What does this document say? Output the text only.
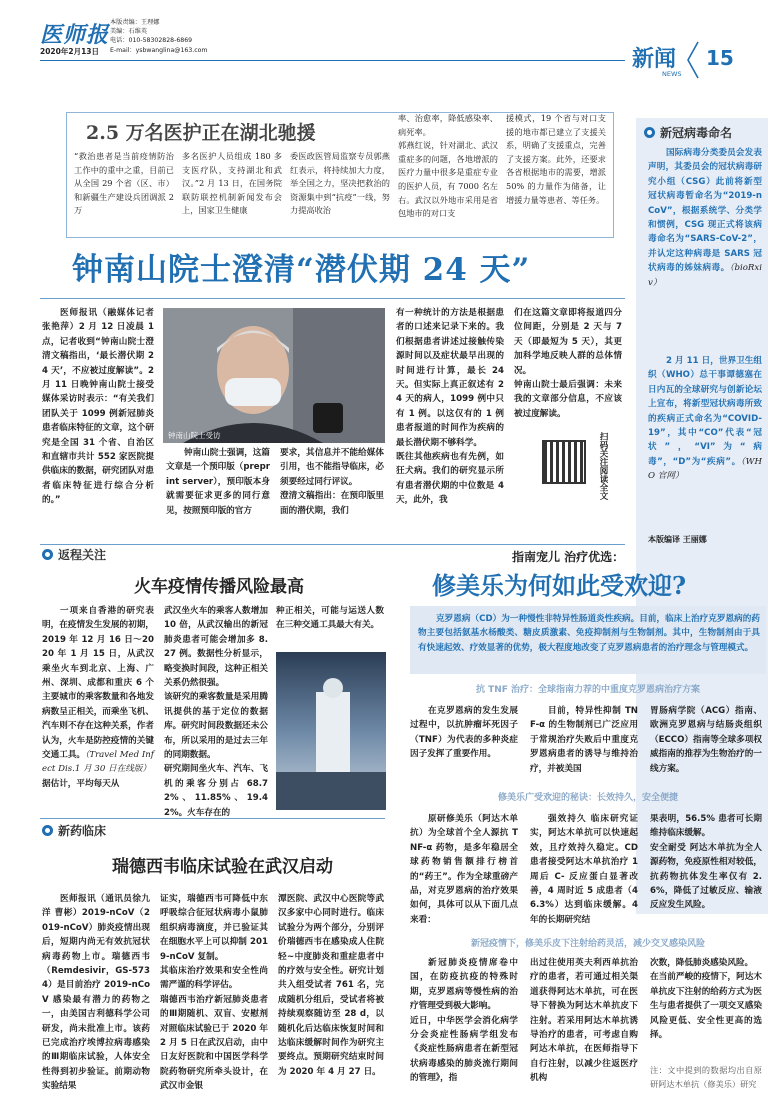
医师报
2020年2月13日
本版责编：王理娜
美编：石维英
电话：010-58302828-6869
E-mail：ysbwanglina@163.com	新闻
NEWS
15
2.5 万名医护正在湖北驰援
“救治患者是当前疫情防治工作中的重中之重，目前已从全国 29 个省（区、市）和新疆生产建设兵团调派 2 万
多名医护人员组成 180 多支医疗队，支持湖北和武汉。”2 月 13 日，在国务院联防联控机制新闻发布会上，国家卫生健康
委医政医管局监察专员郭燕红表示，将持续加大力度，举全国之力，坚决把救治的资源集中到“抗疫”一线，努力提高收治
率、治愈率，降低感染率、病死率。
郭燕红说，针对湖北、武汉重症多的问题，各地增派的医疗力量中很多是重症专业的医护人员，有 7000 名左右。武汉以外地市采用是省包地市的对口支
援模式，19 个省与对口支援的地市都已建立了支援关系，明确了支援重点，完善了支援方案。此外，还要求各省根据地市的需要，增派 50% 的力量作为储备，让增援力量等患者、等任务。
新冠病毒命名
国际病毒分类委员会发表声明，其委员会的冠状病毒研究小组（CSG）此前将新型冠状病毒暂命名为“2019-nCoV”，根据系统学、分类学和惯例，CSG 现正式将该病毒命名为“SARS-CoV-2”，并认定这种病毒是 SARS 冠状病毒的姊妹病毒。（bioRxiv）
2 月 11 日，世界卫生组织（WHO）总干事谭德塞在日内瓦的全球研究与创新论坛上宣布，将新型冠状病毒所致的疾病正式命名为“COVID-19”，其中“CO”代表“冠状”，“VI”为“病毒”，“D”为“疾病”。（WHO 官网）
本版编译 王丽娜
钟南山院士澄清“潜伏期 24 天”
医师报讯（融媒体记者 张艳萍）2 月 12 日凌晨 1 点，记者收到“钟南山院士澄清文稿指出，‘最长潜伏期 24 天’，不应被过度解读”。2 月 11 日晚钟南山院士接受媒体采访时表示：“有关我们团队关于 1099 例新冠肺炎患者临床特征的文章，这个研究是全国 31 个省、自治区和直辖市共计 552 家医院提供临床的数据，研究团队对患者临床特征进行综合分析的。”
钟南山院士受访
钟南山院士强调，这篇文章是一个预印版（preprint server），预印版本身就需要征求更多的同行意见，按照预印版的官方
要求，其信息并不能给媒体引用，也不能指导临床，必须要经过同行评议。
澄清文稿指出：在预印版里面的潜伏期，我们
有一种统计的方法是根据患者的口述来记录下来的。我们根据患者讲述过接触传染源时间以及症状最早出现的时间进行计算，最长 24 天。但实际上真正叙述有 24 天的病人，1099 例中只有 1 例。以这仅有的 1 例患者报道的时间作为疾病的最长潜伏期不够科学。
既往其他疾病也有先例，如狂犬病。我们的研究显示所有患者潜伏期的中位数是 4 天，此外，我
们在这篇文章即将报道四分位间距，分别是 2 天与 7 天（即最短为 5 天），其更加科学地反映人群的总体情况。
钟南山院士最后强调：未来我的文章部分信息，不应该被过度解读。
扫码关注阅读全文
返程关注
火车疫情传播风险最高
一项来自香港的研究表明，在疫情发生发展的初期，2019 年 12 月 16 日～2020 年 1 月 15 日，从武汉乘坐火车到北京、上海、广州、深圳、成都和重庆 6 个主要城市的乘客数量和各地发病数呈正相关，而乘坐飞机、汽车则不存在这种关系，作者认为，火车是防控疫情的关键交通工具。（Travel Med Infect Dis.1 月 30 日在线版）
据估计，平均每天从
武汉坐火车的乘客人数增加 10 倍，从武汉输出的新冠肺炎患者可能会增加多 8.27 例。数据性分析显示，略变换时间段，这种正相关关系仍然很强。
该研究的乘客数量是采用腾讯提供的基于定位的数据库。研究时间段数据还未公布，所以采用的是过去三年的同期数据。
研究期间坐火车、汽车、飞机的乘客分别占 68.72%、11.85%、19.42%。火车存在的
种正相关，可能与运送人数在三种交通工具最大有关。
新药临床
瑞德西韦临床试验在武汉启动
医师报讯（通讯员徐九洋 曹彬）2019-nCoV（2019-nCoV）肺炎疫情出现后，短期内尚无有效抗冠状病毒药物上市。瑞德西韦（Remdesivir，GS-5734）是目前治疗 2019-nCoV 感染最有潜力的药物之一，由美国吉利德科学公司研发，尚未批准上市。该药已完成治疗埃博拉病毒感染的Ⅲ期临床试验，人体安全性得到初步验证。前期动物实验结果
证实，瑞德西韦可降低中东呼吸综合征冠状病毒小鼠肺组织病毒滴度，并已验证其在细胞水平上可以抑制 2019-nCoV 复制。
其临床治疗效果和安全性尚需严谨的科学评估。
瑞德西韦治疗新冠肺炎患者的Ⅲ期随机、双盲、安慰剂对照临床试验已于 2020 年 2 月 5 日在武汉启动，由中日友好医院和中国医学科学院药物研究所牵头设计，在武汉市金银
潭医院、武汉中心医院等武汉多家中心同时进行。临床试验分为两个部分，分别评价瑞德西韦在感染成人住院轻~中度肺炎和重症患者中的疗效与安全性。研究计划共入组受试者 761 名，完成随机分组后，受试者将被持续观察随访至 28 d，以随机化后达临床恢复时间和达临床缓解时间作为研究主要终点。预期研究结束时间为 2020 年 4 月 27 日。
指南宠儿 治疗优选：
修美乐为何如此受欢迎?
克罗恩病（CD）为一种慢性非特异性肠道炎性疾病。目前，临床上治疗克罗恩病的药物主要包括氨基水杨酸类、糖皮质激素、免疫抑制剂与生物制剂。其中，生物制剂由于具有快速起效、疗效显著的优势，极大程度地改变了克罗恩病患者的治疗理念与管理模式。
抗 TNF 治疗：全球指南力荐的中重度克罗恩病治疗方案
在克罗恩病的发生发展过程中，以抗肿瘤坏死因子（TNF）为代表的多种炎症因子发挥了重要作用。
目前，特异性抑制 TNF-α 的生物制剂已广泛应用于常规治疗失败后中重度克罗恩病患者的诱导与维持治疗，并被美国
胃肠病学院（ACG）指南、欧洲克罗恩病与结肠炎组织（ECCO）指南等全球多项权威指南的推荐为生物治疗的一线方案。
修美乐广受欢迎的秘诀：长效持久，安全便捷
原研修美乐（阿达木单抗）为全球首个全人源抗 TNF-α 药物，是多年稳居全球药物销售额排行榜首的“药王”。作为全球重磅产品，对克罗恩病的治疗效果如何，具体可以从下面几点来看：
强效持久 临床研究证实，阿达木单抗可以快速起效，且疗效持久稳定。CD 患者接受阿达木单抗治疗 1 周后 C- 反应蛋白显著改善，4 周时近 5 成患者（46.3%）达到临床缓解。4 年的长期研究结
果表明，56.5% 患者可长期维持临床缓解。
安全耐受 阿达木单抗为全人源药物，免疫原性相对较低，抗药物抗体发生率仅有 2.6%，降低了过敏反应、输液反应发生风险。
新冠疫情下，修美乐皮下注射给药灵活，减少交叉感染风险
新冠肺炎疫情席卷中国，在防疫抗疫的特殊时期，克罗恩病等慢性病的治疗管理受到极大影响。
近日，中华医学会消化病学分会炎症性肠病学组发布《炎症性肠病患者在新型冠状病毒感染的肺炎流行期间的管理》，指
出过往使用英夫利西单抗治疗的患者，若可通过相关渠道获得阿达木单抗，可在医导下替换为阿达木单抗皮下注射。若采用阿达木单抗诱导治疗的患者，可考虑自购阿达木单抗，在医师指导下自行注射，以减少往返医疗机构
次数，降低肺炎感染风险。
在当前严峻的疫情下，阿达木单抗皮下注射的给药方式为医生与患者提供了一项交叉感染风险更低、安全性更高的选择。
注：文中提到的数据均出自原研阿达木单抗（修美乐）研究
